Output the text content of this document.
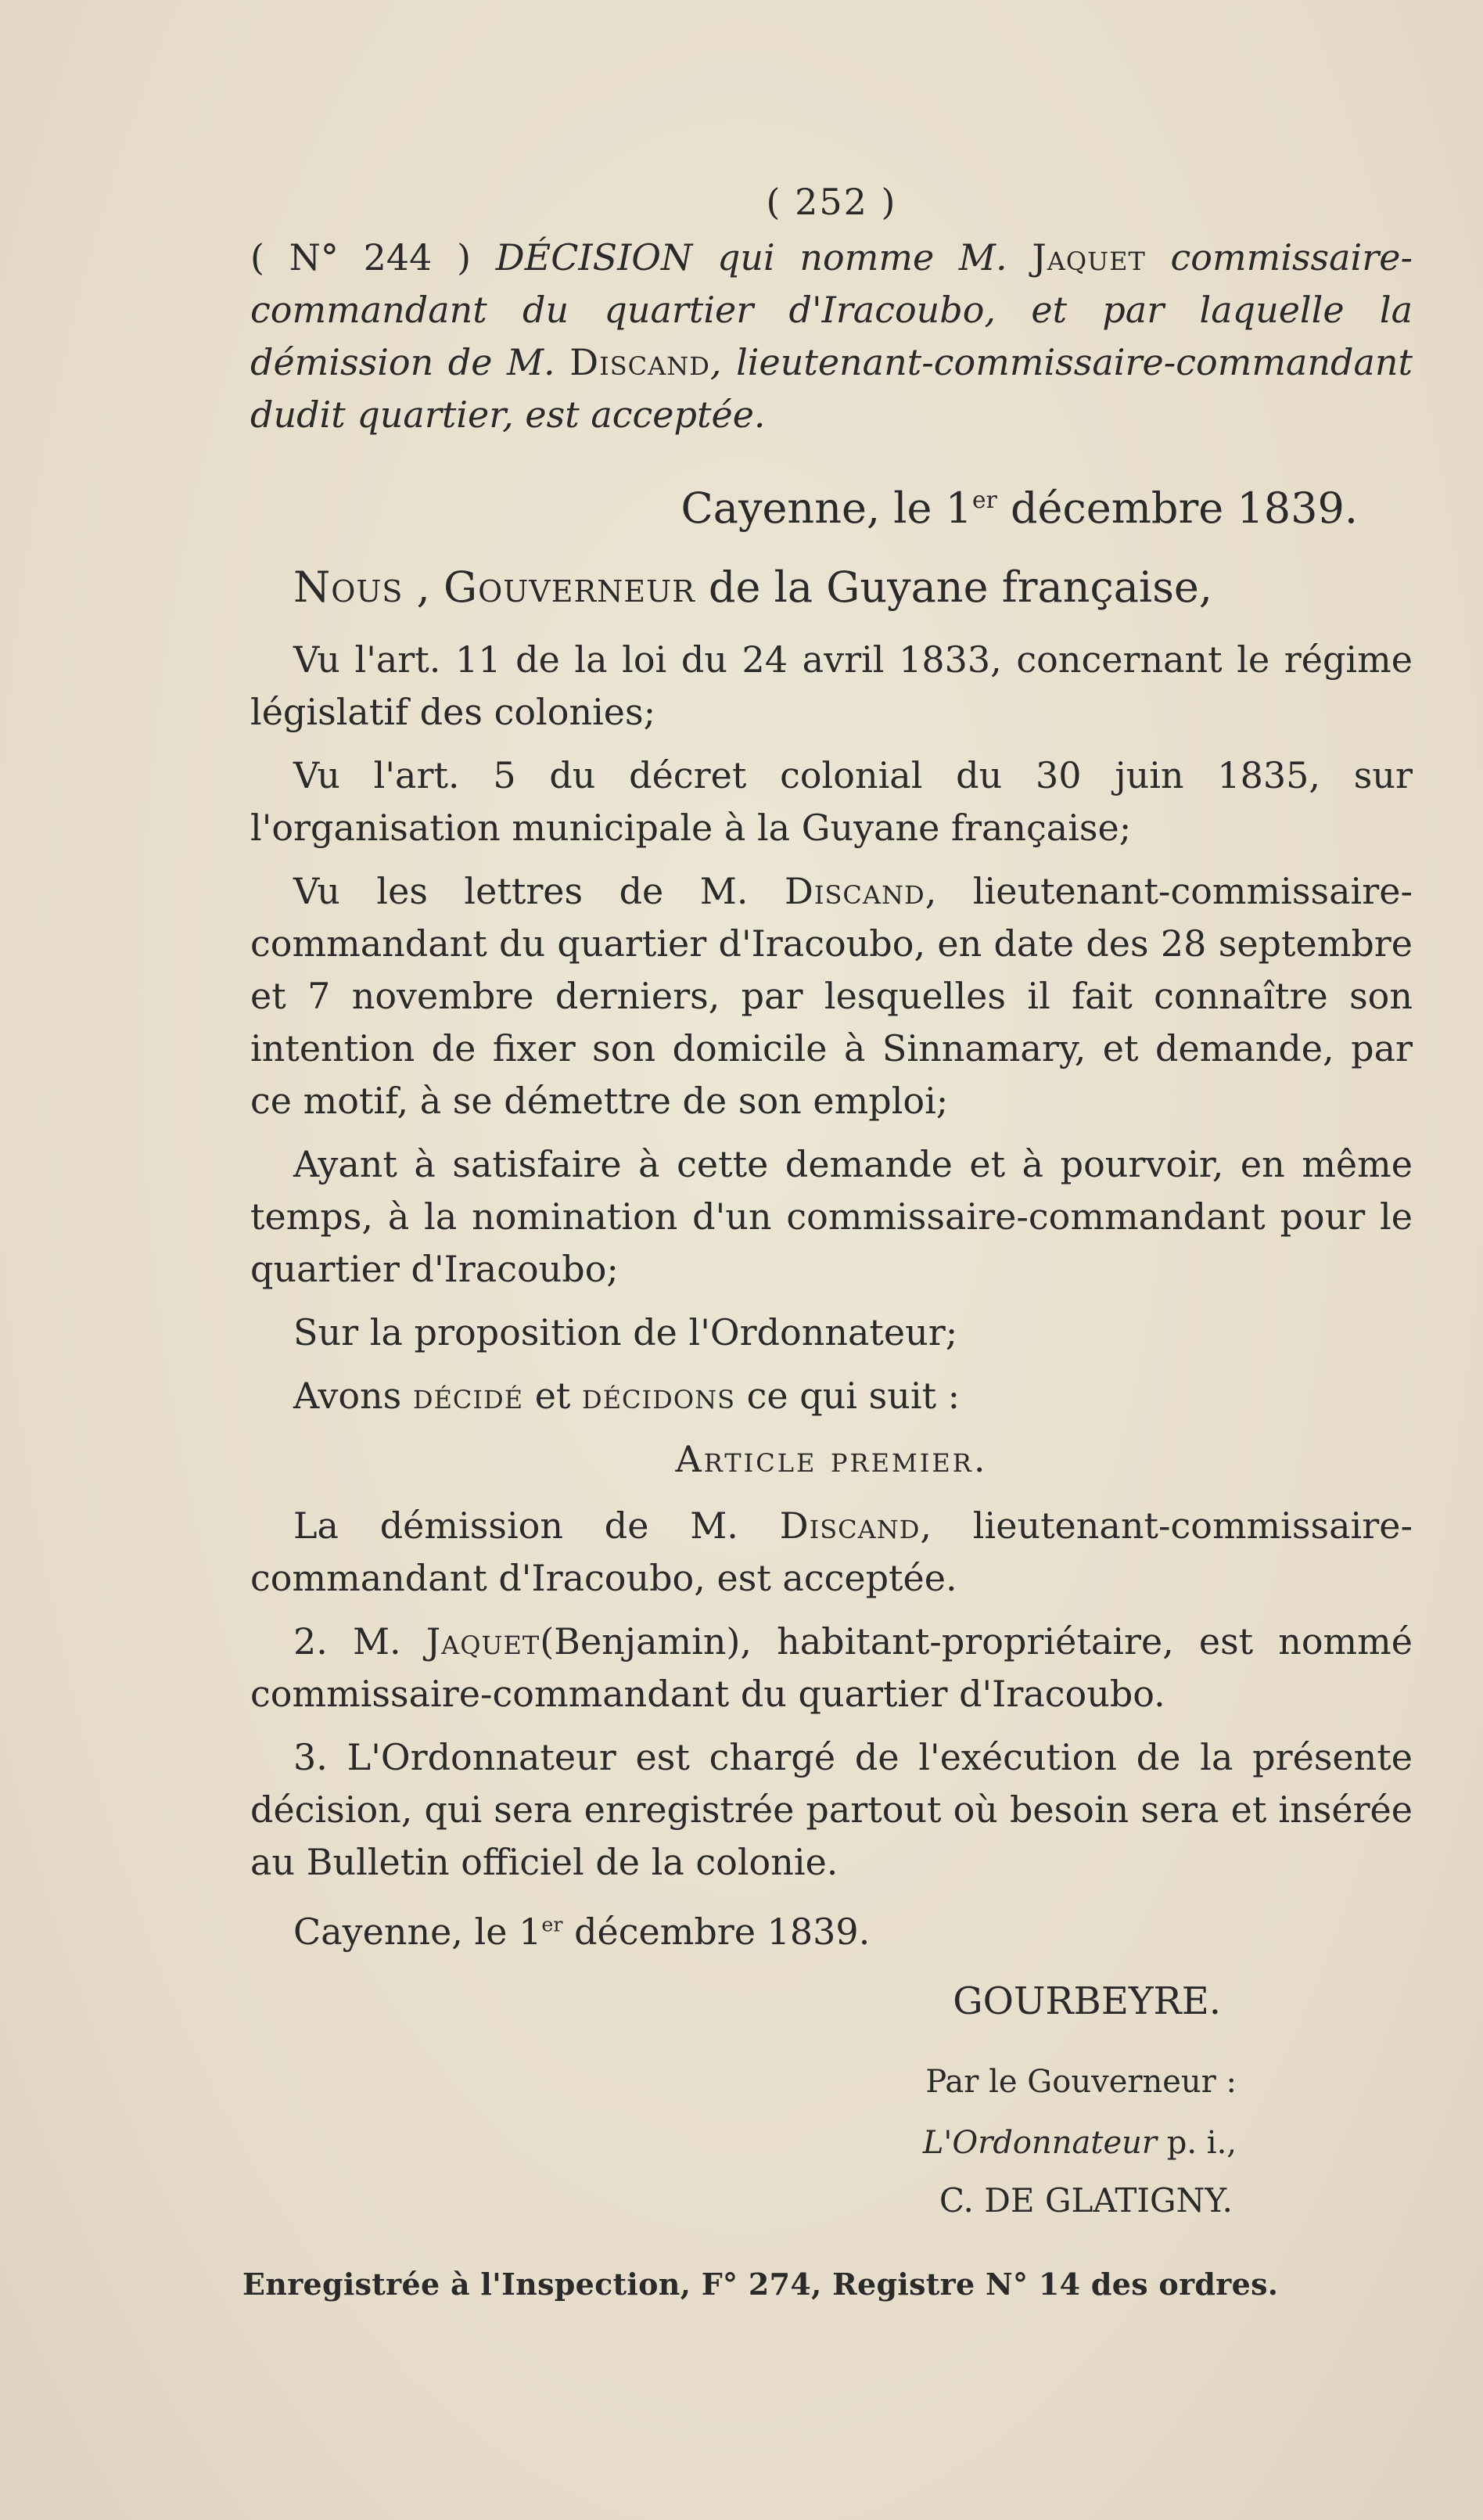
( 252 )
( N° 244 ) DÉCISION qui nomme M. Jaquet commissaire-commandant du quartier d'Iracoubo, et par laquelle la démission de M. Discand, lieutenant-commissaire-commandant dudit quartier, est acceptée.
Cayenne, le 1er décembre 1839.
Nous , Gouverneur de la Guyane française,

Vu l'art. 11 de la loi du 24 avril 1833, concernant le régime législatif des colonies;

Vu l'art. 5 du décret colonial du 30 juin 1835, sur l'organisation municipale à la Guyane française;

Vu les lettres de M. Discand, lieutenant-commissaire-commandant du quartier d'Iracoubo, en date des 28 septembre et 7 novembre derniers, par lesquelles il fait connaître son intention de fixer son domicile à Sinnamary, et demande, par ce motif, à se démettre de son emploi;

Ayant à satisfaire à cette demande et à pourvoir, en même temps, à la nomination d'un commissaire-commandant pour le quartier d'Iracoubo;

Sur la proposition de l'Ordonnateur;

Avons décidé et décidons ce qui suit :

Article premier.

La démission de M. Discand, lieutenant-commissaire-commandant d'Iracoubo, est acceptée.

2. M. Jaquet(Benjamin), habitant-propriétaire, est nommé commissaire-commandant du quartier d'Iracoubo.

3. L'Ordonnateur est chargé de l'exécution de la présente décision, qui sera enregistrée partout où besoin sera et insérée au Bulletin officiel de la colonie.

Cayenne, le 1er décembre 1839.
GOURBEYRE.
Par le Gouverneur :
L'Ordonnateur p. i.,
C. DE GLATIGNY.
Enregistrée à l'Inspection, F° 274, Registre N° 14 des ordres.
